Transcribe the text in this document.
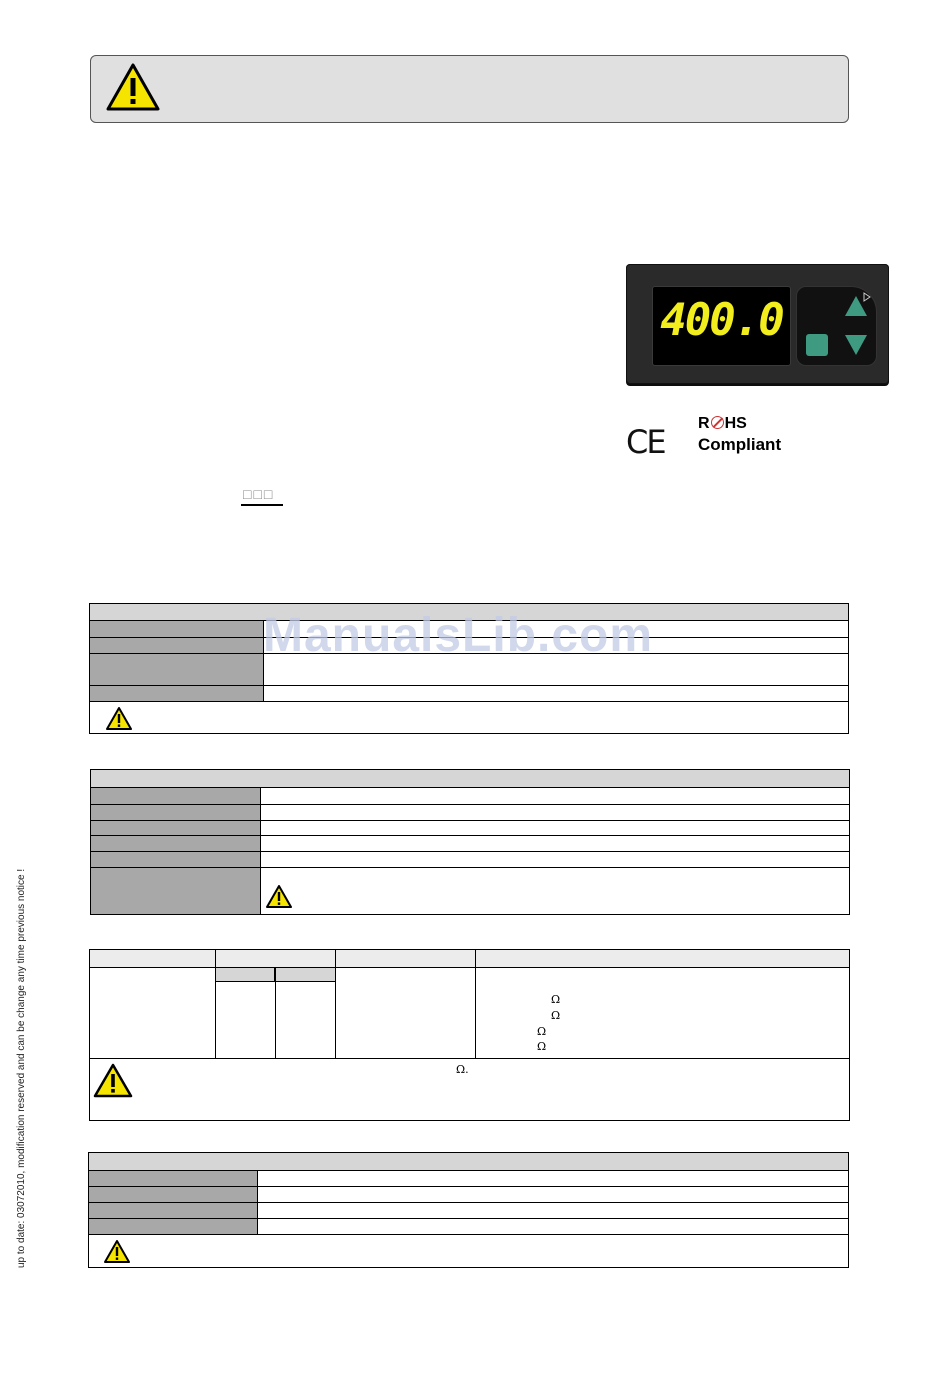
400.0
CE R HS
Compliant
□□□
Ω
Ω
Ω
Ω
Ω.
ManualsLib.com
up to date: 03072010, modification reserved and can be change any time previous notice !
